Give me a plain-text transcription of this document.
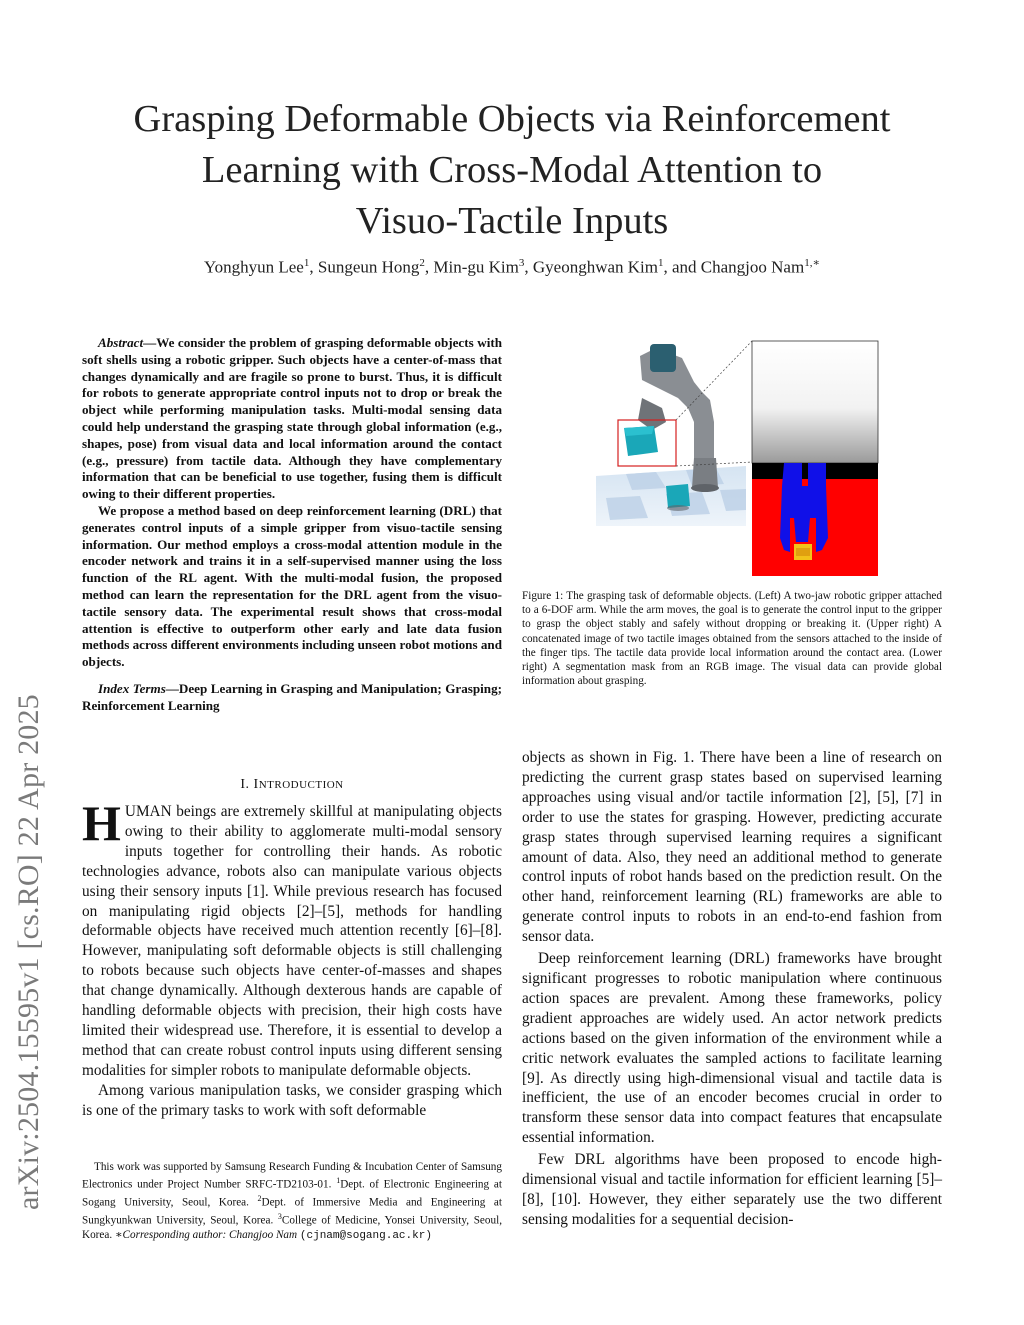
arXiv:2504.15595v1 [cs.RO] 22 Apr 2025
Grasping Deformable Objects via Reinforcement
Learning with Cross-Modal Attention to
Visuo-Tactile Inputs
Yonghyun Lee$^1$, Sungeun Hong$^2$, Min-gu Kim$^3$, Gyeonghwan Kim$^1$, and Changjoo Nam$^{1,∗}$

Abstract—We consider the problem of grasping deformable objects with soft shells using a robotic gripper. Such objects have a center-of-mass that changes dynamically and are fragile so prone to burst. Thus, it is difficult for robots to generate appropriate control inputs not to drop or break the object while performing manipulation tasks. Multi-modal sensing data could help understand the grasping state through global information (e.g., shapes, pose) from visual data and local information around the contact (e.g., pressure) from tactile data. Although they have complementary information that can be beneficial to use together, fusing them is difficult owing to their different properties.

We propose a method based on deep reinforcement learning (DRL) that generates control inputs of a simple gripper from visuo-tactile sensing information. Our method employs a cross-modal attention module in the encoder network and trains it in a self-supervised manner using the loss function of the RL agent. With the multi-modal fusion, the proposed method can learn the representation for the DRL agent from the visuo-tactile sensory data. The experimental result shows that cross-modal attention is effective to outperform other early and late data fusion methods across different environments including unseen robot motions and objects.

Index Terms—Deep Learning in Grasping and Manipulation; Grasping; Reinforcement Learning

I. INTRODUCTION

HUMAN beings are extremely skillful at manipulating objects owing to their ability to agglomerate multi-modal sensory inputs together for controlling their hands. As robotic technologies advance, robots also can manipulate various objects using their sensory inputs [1]. While previous research has focused on manipulating rigid objects [2]–[5], methods for handling deformable objects have received much attention recently [6]–[8]. However, manipulating soft deformable objects is still challenging to robots because such objects have center-of-masses and shapes that change dynamically. Although dexterous hands are capable of handling deformable objects with precision, their high costs have limited their widespread use. Therefore, it is essential to develop a method that can create robust control inputs using different sensing modalities for simpler robots to manipulate deformable objects.

Among various manipulation tasks, we consider grasping which is one of the primary tasks to work with soft deformable

This work was supported by Samsung Research Funding & Incubation Center of Samsung Electronics under Project Number SRFC-TD2103-01. $^1$Dept. of Electronic Engineering at Sogang University, Seoul, Korea. $^2$Dept. of Immersive Media and Engineering at Sungkyunkwan University, Seoul, Korea. $^3$College of Medicine, Yonsei University, Seoul, Korea. ∗Corresponding author: Changjoo Nam (cjnam@sogang.ac.kr)

Figure 1: The grasping task of deformable objects. (Left) A two-jaw robotic gripper attached to a 6-DOF arm. While the arm moves, the goal is to generate the control input to the gripper to grasp the object stably and safely without dropping or breaking it. (Upper right) A concatenated image of two tactile images obtained from the sensors attached to the inside of the finger tips. The tactile data provide local information around the contact area. (Lower right) A segmentation mask from an RGB image. The visual data can provide global information about grasping.

objects as shown in Fig. 1. There have been a line of research on predicting the current grasp states based on supervised learning approaches using visual and/or tactile information [2], [5], [7] in order to use the states for grasping. However, predicting accurate grasp states through supervised learning requires a significant amount of data. Also, they need an additional method to generate control inputs of robot hands based on the prediction result. On the other hand, reinforcement learning (RL) frameworks are able to generate control inputs to robots in an end-to-end fashion from sensor data.

Deep reinforcement learning (DRL) frameworks have brought significant progresses to robotic manipulation where continuous action spaces are prevalent. Among these frameworks, policy gradient approaches are widely used. An actor network predicts actions based on the given information of the environment while a critic network evaluates the sampled actions to facilitate learning [9]. As directly using high-dimensional visual and tactile data is inefficient, the use of an encoder becomes crucial in order to transform these sensor data into compact features that encapsulate essential information.

Few DRL algorithms have been proposed to encode high-dimensional visual and tactile information for efficient learning [5]–[8], [10]. However, they either separately use the two different sensing modalities for a sequential decision-
